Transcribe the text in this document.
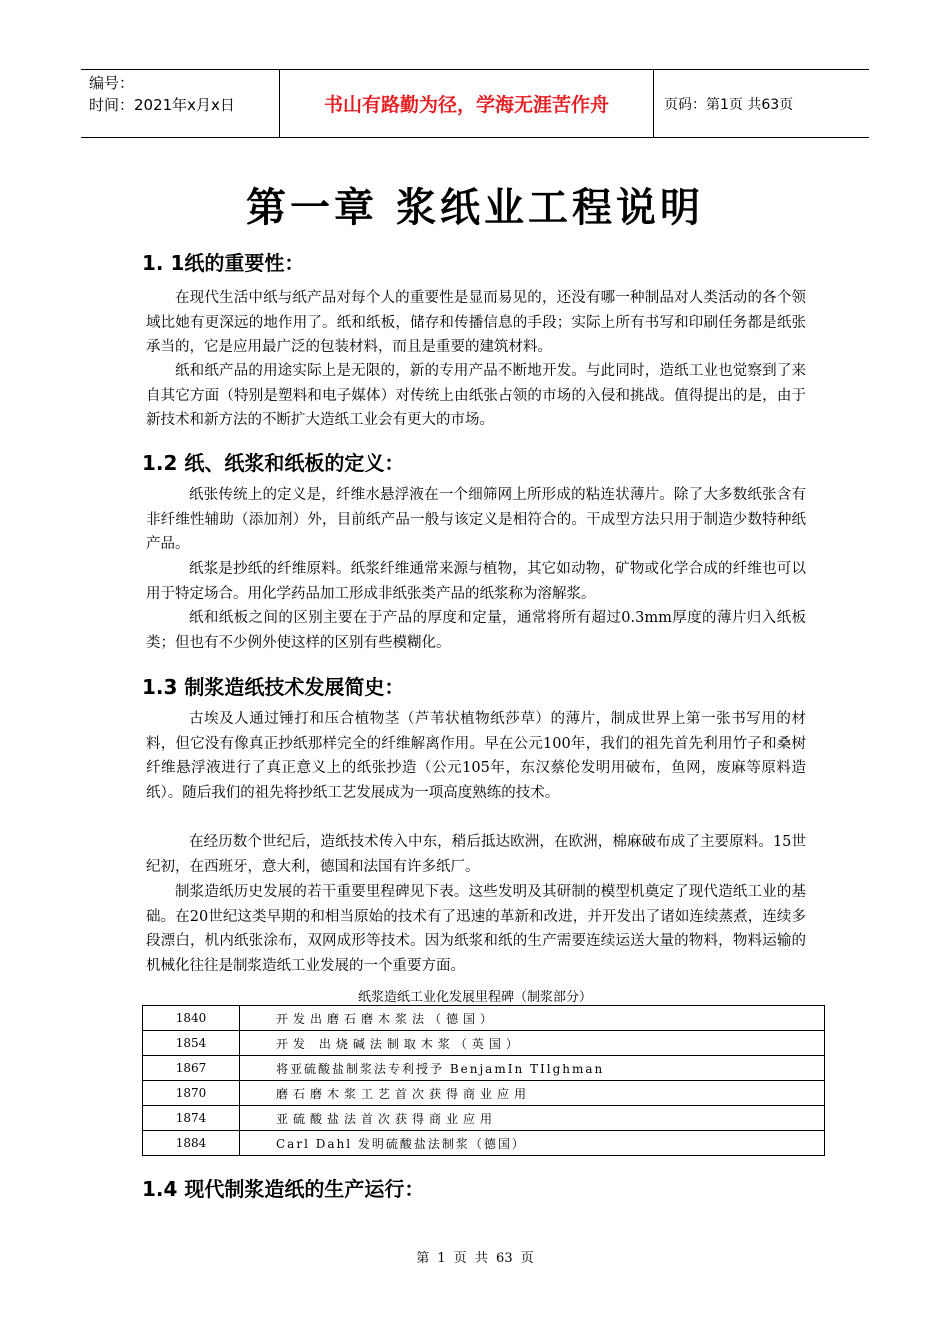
编号：
时间：2021年x月x日	书山有路勤为径，学海无涯苦作舟	页码：第1页 共63页
第一章 浆纸业工程说明
1. 1纸的重要性：
在现代生活中纸与纸产品对每个人的重要性是显而易见的，还没有哪一种制品对人类活动的各个领域比她有更深远的地作用了。纸和纸板，储存和传播信息的手段；实际上所有书写和印刷任务都是纸张承当的，它是应用最广泛的包装材料，而且是重要的建筑材料。
纸和纸产品的用途实际上是无限的，新的专用产品不断地开发。与此同时，造纸工业也觉察到了来自其它方面（特别是塑料和电子媒体）对传统上由纸张占领的市场的入侵和挑战。值得提出的是，由于新技术和新方法的不断扩大造纸工业会有更大的市场。
1.2 纸、纸浆和纸板的定义：
纸张传统上的定义是，纤维水悬浮液在一个细筛网上所形成的粘连状薄片。除了大多数纸张含有非纤维性辅助（添加剂）外，目前纸产品一般与该定义是相符合的。干成型方法只用于制造少数特种纸产品。
纸浆是抄纸的纤维原料。纸浆纤维通常来源与植物，其它如动物，矿物或化学合成的纤维也可以用于特定场合。用化学药品加工形成非纸张类产品的纸浆称为溶解浆。
纸和纸板之间的区别主要在于产品的厚度和定量，通常将所有超过0.3mm厚度的薄片归入纸板类；但也有不少例外使这样的区别有些模糊化。
1.3 制浆造纸技术发展简史：
古埃及人通过锤打和压合植物茎（芦苇状植物纸莎草）的薄片，制成世界上第一张书写用的材料，但它没有像真正抄纸那样完全的纤维解离作用。早在公元100年，我们的祖先首先利用竹子和桑树纤维悬浮液进行了真正意义上的纸张抄造（公元105年，东汉蔡伦发明用破布，鱼网，废麻等原料造纸）。随后我们的祖先将抄纸工艺发展成为一项高度熟练的技术。
在经历数个世纪后，造纸技术传入中东，稍后抵达欧洲，在欧洲，棉麻破布成了主要原料。15世纪初，在西班牙，意大利，德国和法国有许多纸厂。
制浆造纸历史发展的若干重要里程碑见下表。这些发明及其研制的模型机奠定了现代造纸工业的基础。在20世纪这类早期的和相当原始的技术有了迅速的革新和改进，并开发出了诸如连续蒸煮，连续多段漂白，机内纸张涂布，双网成形等技术。因为纸浆和纸的生产需要连续运送大量的物料，物料运输的机械化往往是制浆造纸工业发展的一个重要方面。
纸浆造纸工业化发展里程碑（制浆部分）
1840	开发出磨石磨木浆法（德国）
1854	开发 出烧碱法制取木浆（英国）
1867	将亚硫酸盐制浆法专利授予 BenjamIn TIlghman
1870	磨石磨木浆工艺首次获得商业应用
1874	亚硫酸盐法首次获得商业应用
1884	Carl Dahl 发明硫酸盐法制浆（德国）
1.4 现代制浆造纸的生产运行：
第 1 页 共 63 页
